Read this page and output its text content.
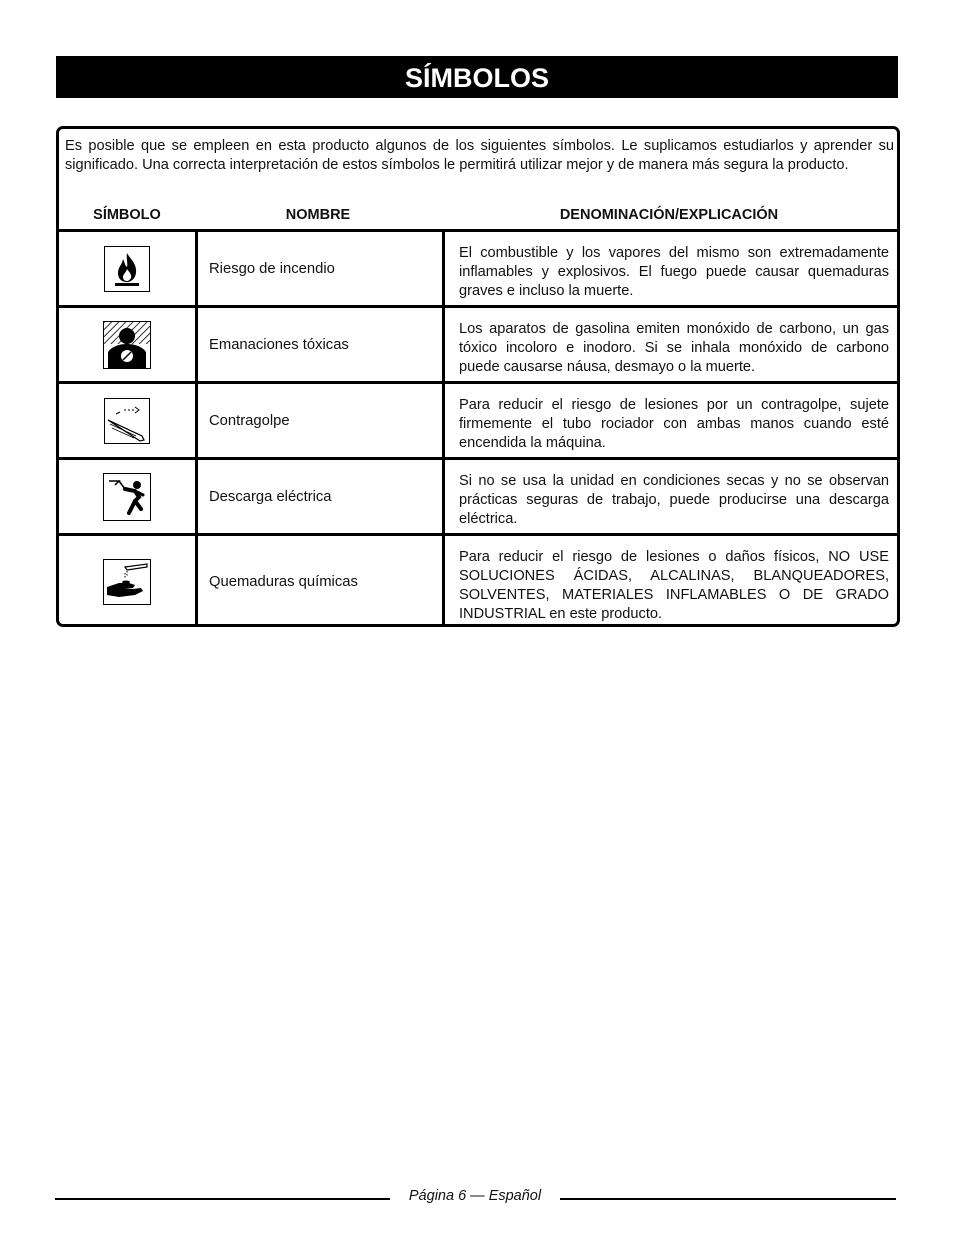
SÍMBOLOS
Es posible que se empleen en esta producto algunos de los siguientes símbolos. Le suplicamos estudiarlos y aprender su significado. Una correcta interpretación de estos símbolos le permitirá utilizar mejor y de manera más segura la producto.
SÍMBOLO	NOMBRE	DENOMINACIÓN/EXPLICACIÓN
Riesgo de incendio
El combustible y los vapores del mismo son extremadamente inflamables y explosivos. El fuego puede causar quemaduras graves e incluso la muerte.
Emanaciones tóxicas
Los aparatos de gasolina emiten monóxido de carbono, un gas tóxico incoloro e inodoro. Si se inhala monóxido de carbono puede causarse náusa, desmayo o la muerte.
Contragolpe
Para reducir el riesgo de lesiones por un contragolpe, sujete firmemente el tubo rociador con ambas manos cuando esté encendida la máquina.
Descarga eléctrica
Si no se usa la unidad en condiciones secas y no se observan prácticas seguras de trabajo, puede producirse una descarga eléctrica.
Quemaduras químicas
Para reducir el riesgo de lesiones o daños físicos, NO USE SOLUCIONES ÁCIDAS, ALCALINAS, BLANQUEADORES, SOLVENTES, MATERIALES INFLAMABLES O DE GRADO INDUSTRIAL en este producto.
Página 6 — Español
